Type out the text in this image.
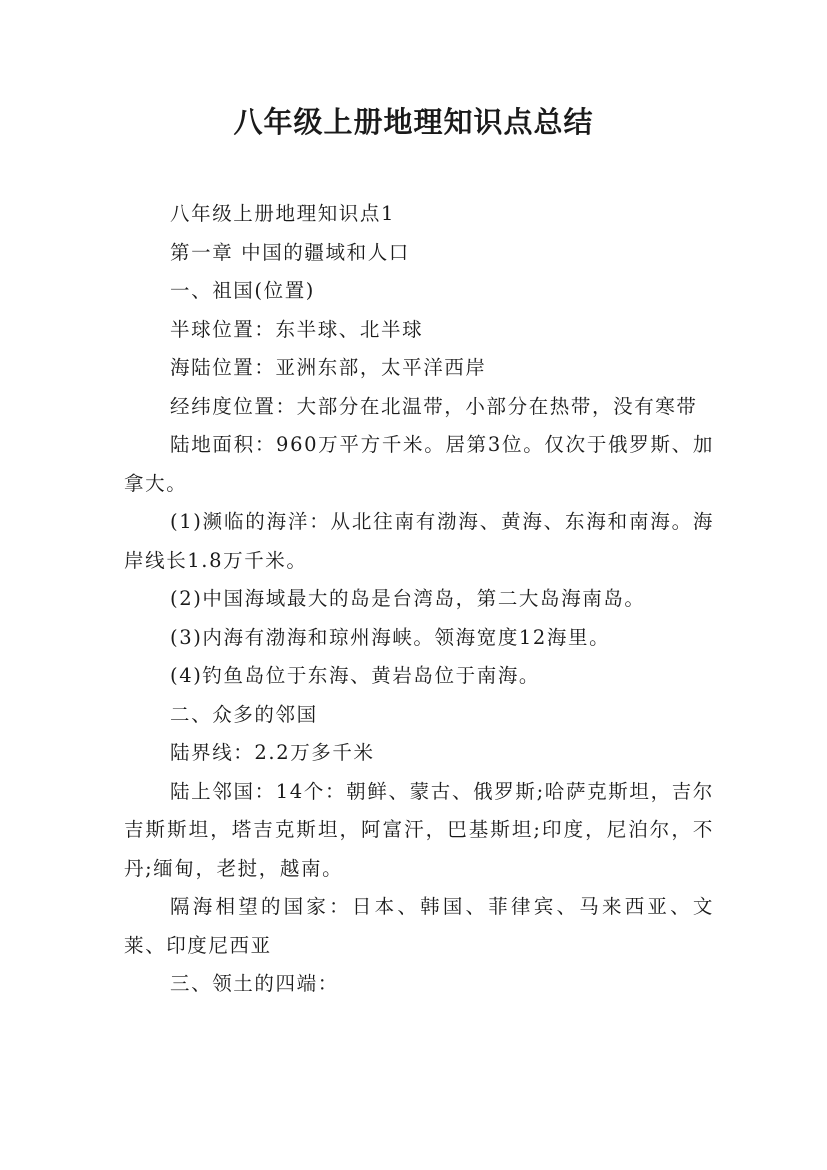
八年级上册地理知识点总结

八年级上册地理知识点1

第一章 中国的疆域和人口

一、祖国(位置)

半球位置：东半球、北半球

海陆位置：亚洲东部，太平洋西岸

经纬度位置：大部分在北温带，小部分在热带，没有寒带

陆地面积：960万平方千米。居第3位。仅次于俄罗斯、加拿大。

(1)濒临的海洋：从北往南有渤海、黄海、东海和南海。海岸线长1.8万千米。

(2)中国海域最大的岛是台湾岛，第二大岛海南岛。

(3)内海有渤海和琼州海峡。领海宽度12海里。

(4)钓鱼岛位于东海、黄岩岛位于南海。

二、众多的邻国

陆界线：2.2万多千米

陆上邻国：14个：朝鲜、蒙古、俄罗斯;哈萨克斯坦，吉尔吉斯斯坦，塔吉克斯坦，阿富汗，巴基斯坦;印度，尼泊尔，不丹;缅甸，老挝，越南。

隔海相望的国家：日本、韩国、菲律宾、马来西亚、文莱、印度尼西亚

三、领土的四端：
